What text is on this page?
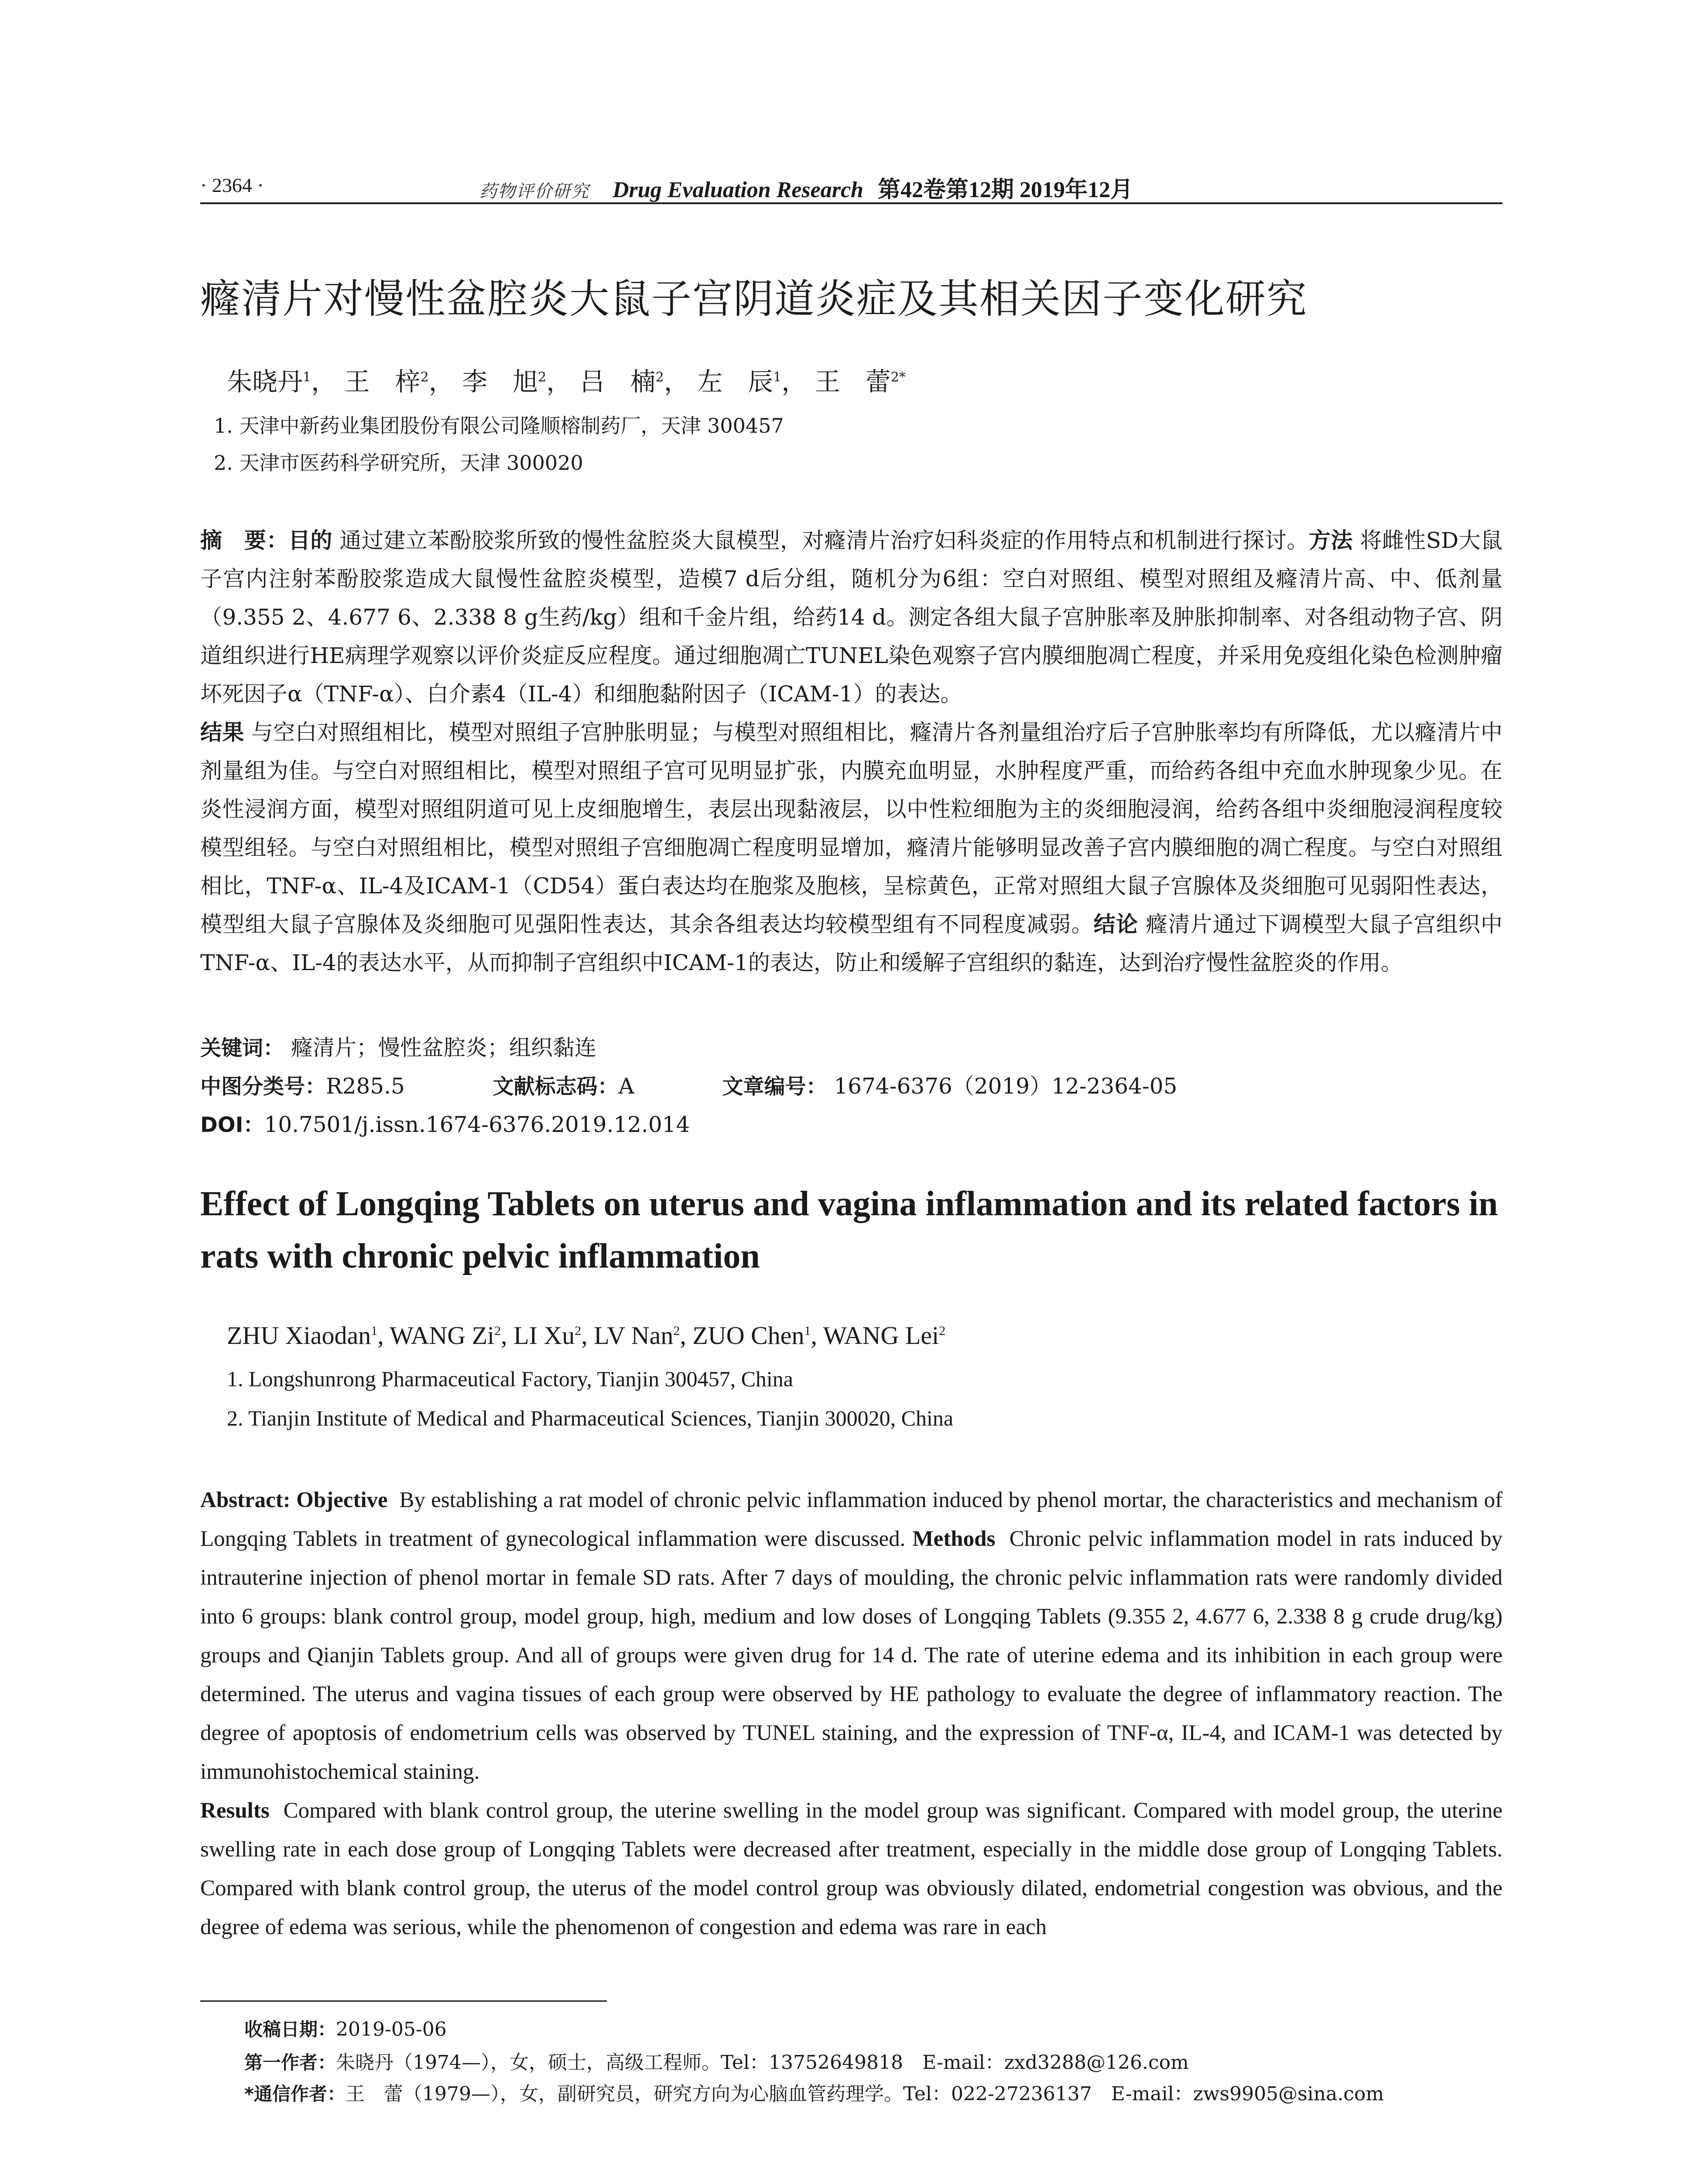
· 2364 ·	药物评价研究 Drug Evaluation Research 第42卷第12期 2019年12月
癃清片对慢性盆腔炎大鼠子宫阴道炎症及其相关因子变化研究
朱晓丹$^1$， 王　梓$^2$， 李　旭$^2$， 吕　楠$^2$， 左　辰$^1$， 王　蕾$^{2*}$
1. 天津中新药业集团股份有限公司隆顺榕制药厂，天津 300457
2. 天津市医药科学研究所，天津 300020
摘　要：目的 通过建立苯酚胶浆所致的慢性盆腔炎大鼠模型，对癃清片治疗妇科炎症的作用特点和机制进行探讨。方法 将雌性SD大鼠子宫内注射苯酚胶浆造成大鼠慢性盆腔炎模型，造模7 d后分组，随机分为6组：空白对照组、模型对照组及癃清片高、中、低剂量（9.355 2、4.677 6、2.338 8 g生药/kg）组和千金片组，给药14 d。测定各组大鼠子宫肿胀率及肿胀抑制率、对各组动物子宫、阴道组织进行HE病理学观察以评价炎症反应程度。通过细胞凋亡TUNEL染色观察子宫内膜细胞凋亡程度，并采用免疫组化染色检测肿瘤坏死因子α（TNF-α）、白介素4（IL-4）和细胞黏附因子（ICAM-1）的表达。
结果 与空白对照组相比，模型对照组子宫肿胀明显；与模型对照组相比，癃清片各剂量组治疗后子宫肿胀率均有所降低，尤以癃清片中剂量组为佳。与空白对照组相比，模型对照组子宫可见明显扩张，内膜充血明显，水肿程度严重，而给药各组中充血水肿现象少见。在炎性浸润方面，模型对照组阴道可见上皮细胞增生，表层出现黏液层，以中性粒细胞为主的炎细胞浸润，给药各组中炎细胞浸润程度较模型组轻。与空白对照组相比，模型对照组子宫细胞凋亡程度明显增加，癃清片能够明显改善子宫内膜细胞的凋亡程度。与空白对照组相比，TNF-α、IL-4及ICAM-1（CD54）蛋白表达均在胞浆及胞核，呈棕黄色，正常对照组大鼠子宫腺体及炎细胞可见弱阳性表达，模型组大鼠子宫腺体及炎细胞可见强阳性表达，其余各组表达均较模型组有不同程度减弱。结论 癃清片通过下调模型大鼠子宫组织中TNF-α、IL-4的表达水平，从而抑制子宫组织中ICAM-1的表达，防止和缓解子宫组织的黏连，达到治疗慢性盆腔炎的作用。
关键词： 癃清片；慢性盆腔炎；组织黏连
中图分类号：R285.5	文献标志码：A	文章编号： 1674-6376（2019）12-2364-05
DOI：10.7501/j.issn.1674-6376.2019.12.014
Effect of Longqing Tablets on uterus and vagina inflammation and its related factors in rats with chronic pelvic inflammation
ZHU Xiaodan$^1$, WANG Zi$^2$, LI Xu$^2$, LV Nan$^2$, ZUO Chen$^1$, WANG Lei$^2$
1. Longshunrong Pharmaceutical Factory, Tianjin 300457, China
2. Tianjin Institute of Medical and Pharmaceutical Sciences, Tianjin 300020, China
Abstract: Objective By establishing a rat model of chronic pelvic inflammation induced by phenol mortar, the characteristics and mechanism of Longqing Tablets in treatment of gynecological inflammation were discussed. Methods Chronic pelvic inflammation model in rats induced by intrauterine injection of phenol mortar in female SD rats. After 7 days of moulding, the chronic pelvic inflammation rats were randomly divided into 6 groups: blank control group, model group, high, medium and low doses of Longqing Tablets (9.355 2, 4.677 6, 2.338 8 g crude drug/kg) groups and Qianjin Tablets group. And all of groups were given drug for 14 d. The rate of uterine edema and its inhibition in each group were determined. The uterus and vagina tissues of each group were observed by HE pathology to evaluate the degree of inflammatory reaction. The degree of apoptosis of endometrium cells was observed by TUNEL staining, and the expression of TNF-α, IL-4, and ICAM-1 was detected by immunohistochemical staining.
Results Compared with blank control group, the uterine swelling in the model group was significant. Compared with model group, the uterine swelling rate in each dose group of Longqing Tablets were decreased after treatment, especially in the middle dose group of Longqing Tablets. Compared with blank control group, the uterus of the model control group was obviously dilated, endometrial congestion was obvious, and the degree of edema was serious, while the phenomenon of congestion and edema was rare in each
收稿日期：2019-05-06
第一作者：朱晓丹（1974—），女，硕士，高级工程师。Tel：13752649818　E-mail：zxd3288@126.com
*通信作者：王　蕾（1979—），女，副研究员，研究方向为心脑血管药理学。Tel：022-27236137　E-mail：zws9905@sina.com
